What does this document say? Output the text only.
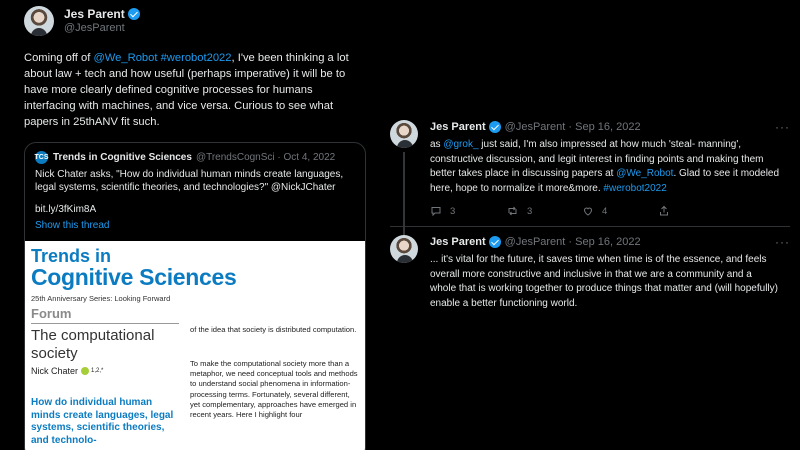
Jes Parent
@JesParent
Coming off of @We_Robot #werobot2022, I've been thinking a lot about law + tech and how useful (perhaps imperative) it will be to have more clearly defined cognitive processes for humans interfacing with machines, and vice versa. Curious to see what papers in 25thANV fit such.
TCS Trends in Cognitive Sciences @TrendsCognSci · Oct 4, 2022
Nick Chater asks, "How do individual human minds create languages, legal systems, scientific theories, and technologies?" @NickJChater
bit.ly/3fKim8A
Show this thread
Trends in
Cognitive Sciences
25th Anniversary Series: Looking Forward
Forum
The computational society
Nick Chater 1,2,*
How do individual human minds create languages, legal systems, scientific theories, and technolo-
of the idea that society is distributed computation.
To make the computational society more than a metaphor, we need conceptual tools and methods to understand social phenomena in information-processing terms. Fortunately, several different, yet complementary, approaches have emerged in recent years. Here I highlight four
Jes Parent @JesParent · Sep 16, 2022	···
as @grok_ just said, I'm also impressed at how much 'steal- manning', constructive discussion, and legit interest in finding points and making them better takes place in discussing papers at @We_Robot. Glad to see it modeled here, hope to normalize it more&more. #werobot2022
3	3	4
Jes Parent @JesParent · Sep 16, 2022	···
... it's vital for the future, it saves time when time is of the essence, and feels overall more constructive and inclusive in that we are a community and a whole that is working together to produce things that matter and (will hopefully) enable a better functioning world.
